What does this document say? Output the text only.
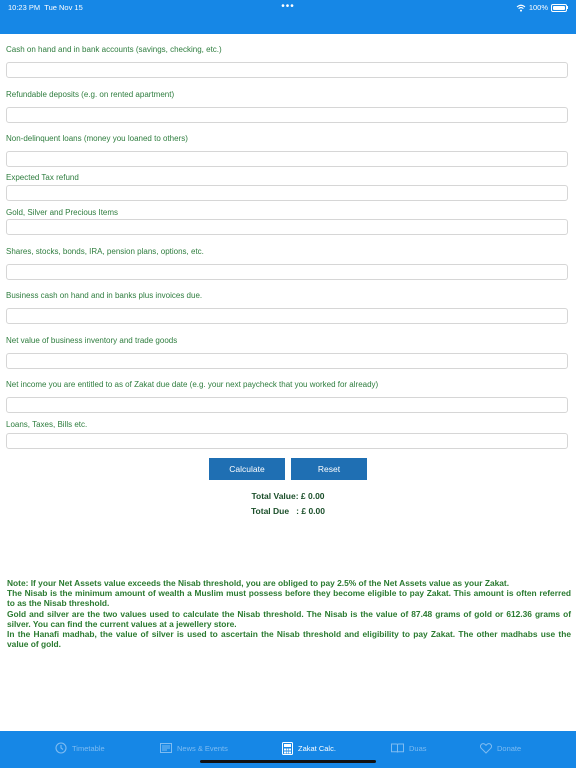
10:23 PM Tue Nov 15	•••	100%
Cash on hand and in bank accounts (savings, checking, etc.)
Refundable deposits (e.g. on rented apartment)
Non-delinquent loans (money you loaned to others)
Expected Tax refund
Gold, Silver and Precious Items
Shares, stocks, bonds, IRA, pension plans, options, etc.
Business cash on hand and in banks plus invoices due.
Net value of business inventory and trade goods
Net income you are entitled to as of Zakat due date (e.g. your next paycheck that you worked for already)
Loans, Taxes, Bills etc.
Calculate	Reset
Total Value: £ 0.00
Total Due   : £ 0.00

Note: If your Net Assets value exceeds the Nisab threshold, you are obliged to pay 2.5% of the Net Assets value as your Zakat.

The Nisab is the minimum amount of wealth a Muslim must possess before they become eligible to pay Zakat. This amount is often referred to as the Nisab threshold.

Gold and silver are the two values used to calculate the Nisab threshold. The Nisab is the value of 87.48 grams of gold or 612.36 grams of silver. You can find the current values at a jewellery store.

In the Hanafi madhab, the value of silver is used to ascertain the Nisab threshold and eligibility to pay Zakat. The other madhabs use the value of gold.

Timetable	News & Events	Zakat Calc.	Duas	Donate
